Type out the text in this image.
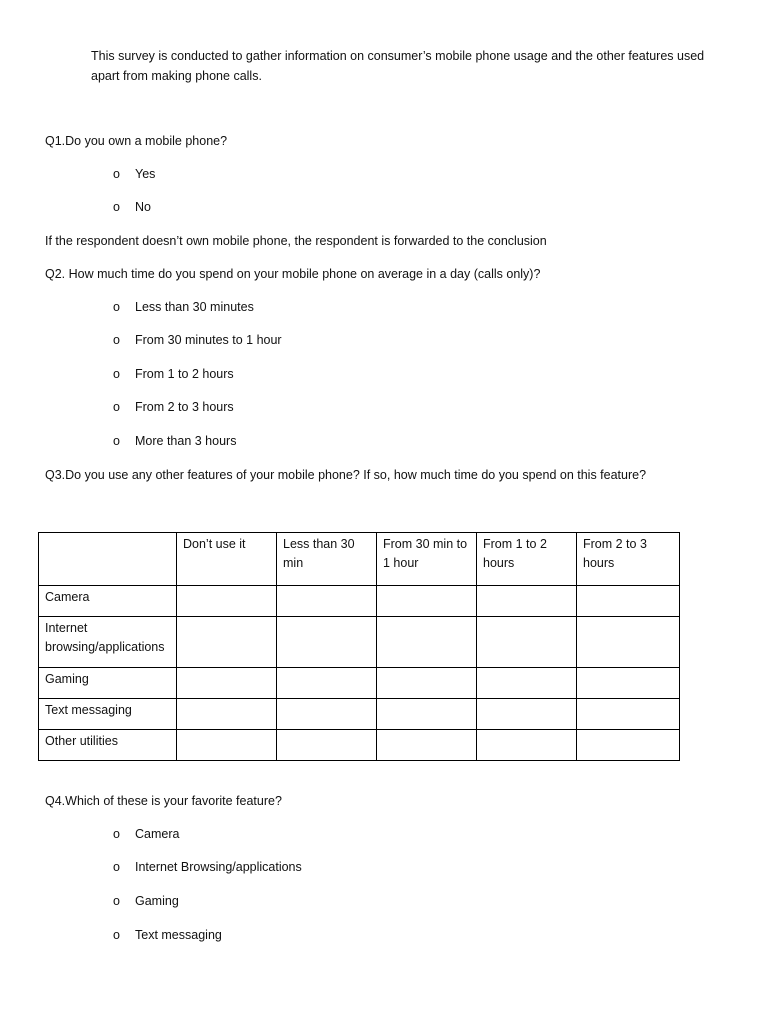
This survey is conducted to gather information on consumer’s mobile phone usage and the other features used apart from making phone calls.
Q1.Do you own a mobile phone?
o Yes
o No
If the respondent doesn’t own mobile phone, the respondent is forwarded to the conclusion
Q2. How much time do you spend on your mobile phone on average in a day (calls only)?
o Less than 30 minutes
o From 30 minutes to 1 hour
o From 1 to 2 hours
o From 2 to 3 hours
o More than 3 hours
Q3.Do you use any other features of your mobile phone? If so, how much time do you spend on this feature?
	Don’t use it	Less than 30 min	From 30 min to 1 hour	From 1 to 2 hours	From 2 to 3 hours
Camera					
Internet browsing/applications					
Gaming					
Text messaging					
Other utilities					
Q4.Which of these is your favorite feature?
o Camera
o Internet Browsing/applications
o Gaming
o Text messaging
